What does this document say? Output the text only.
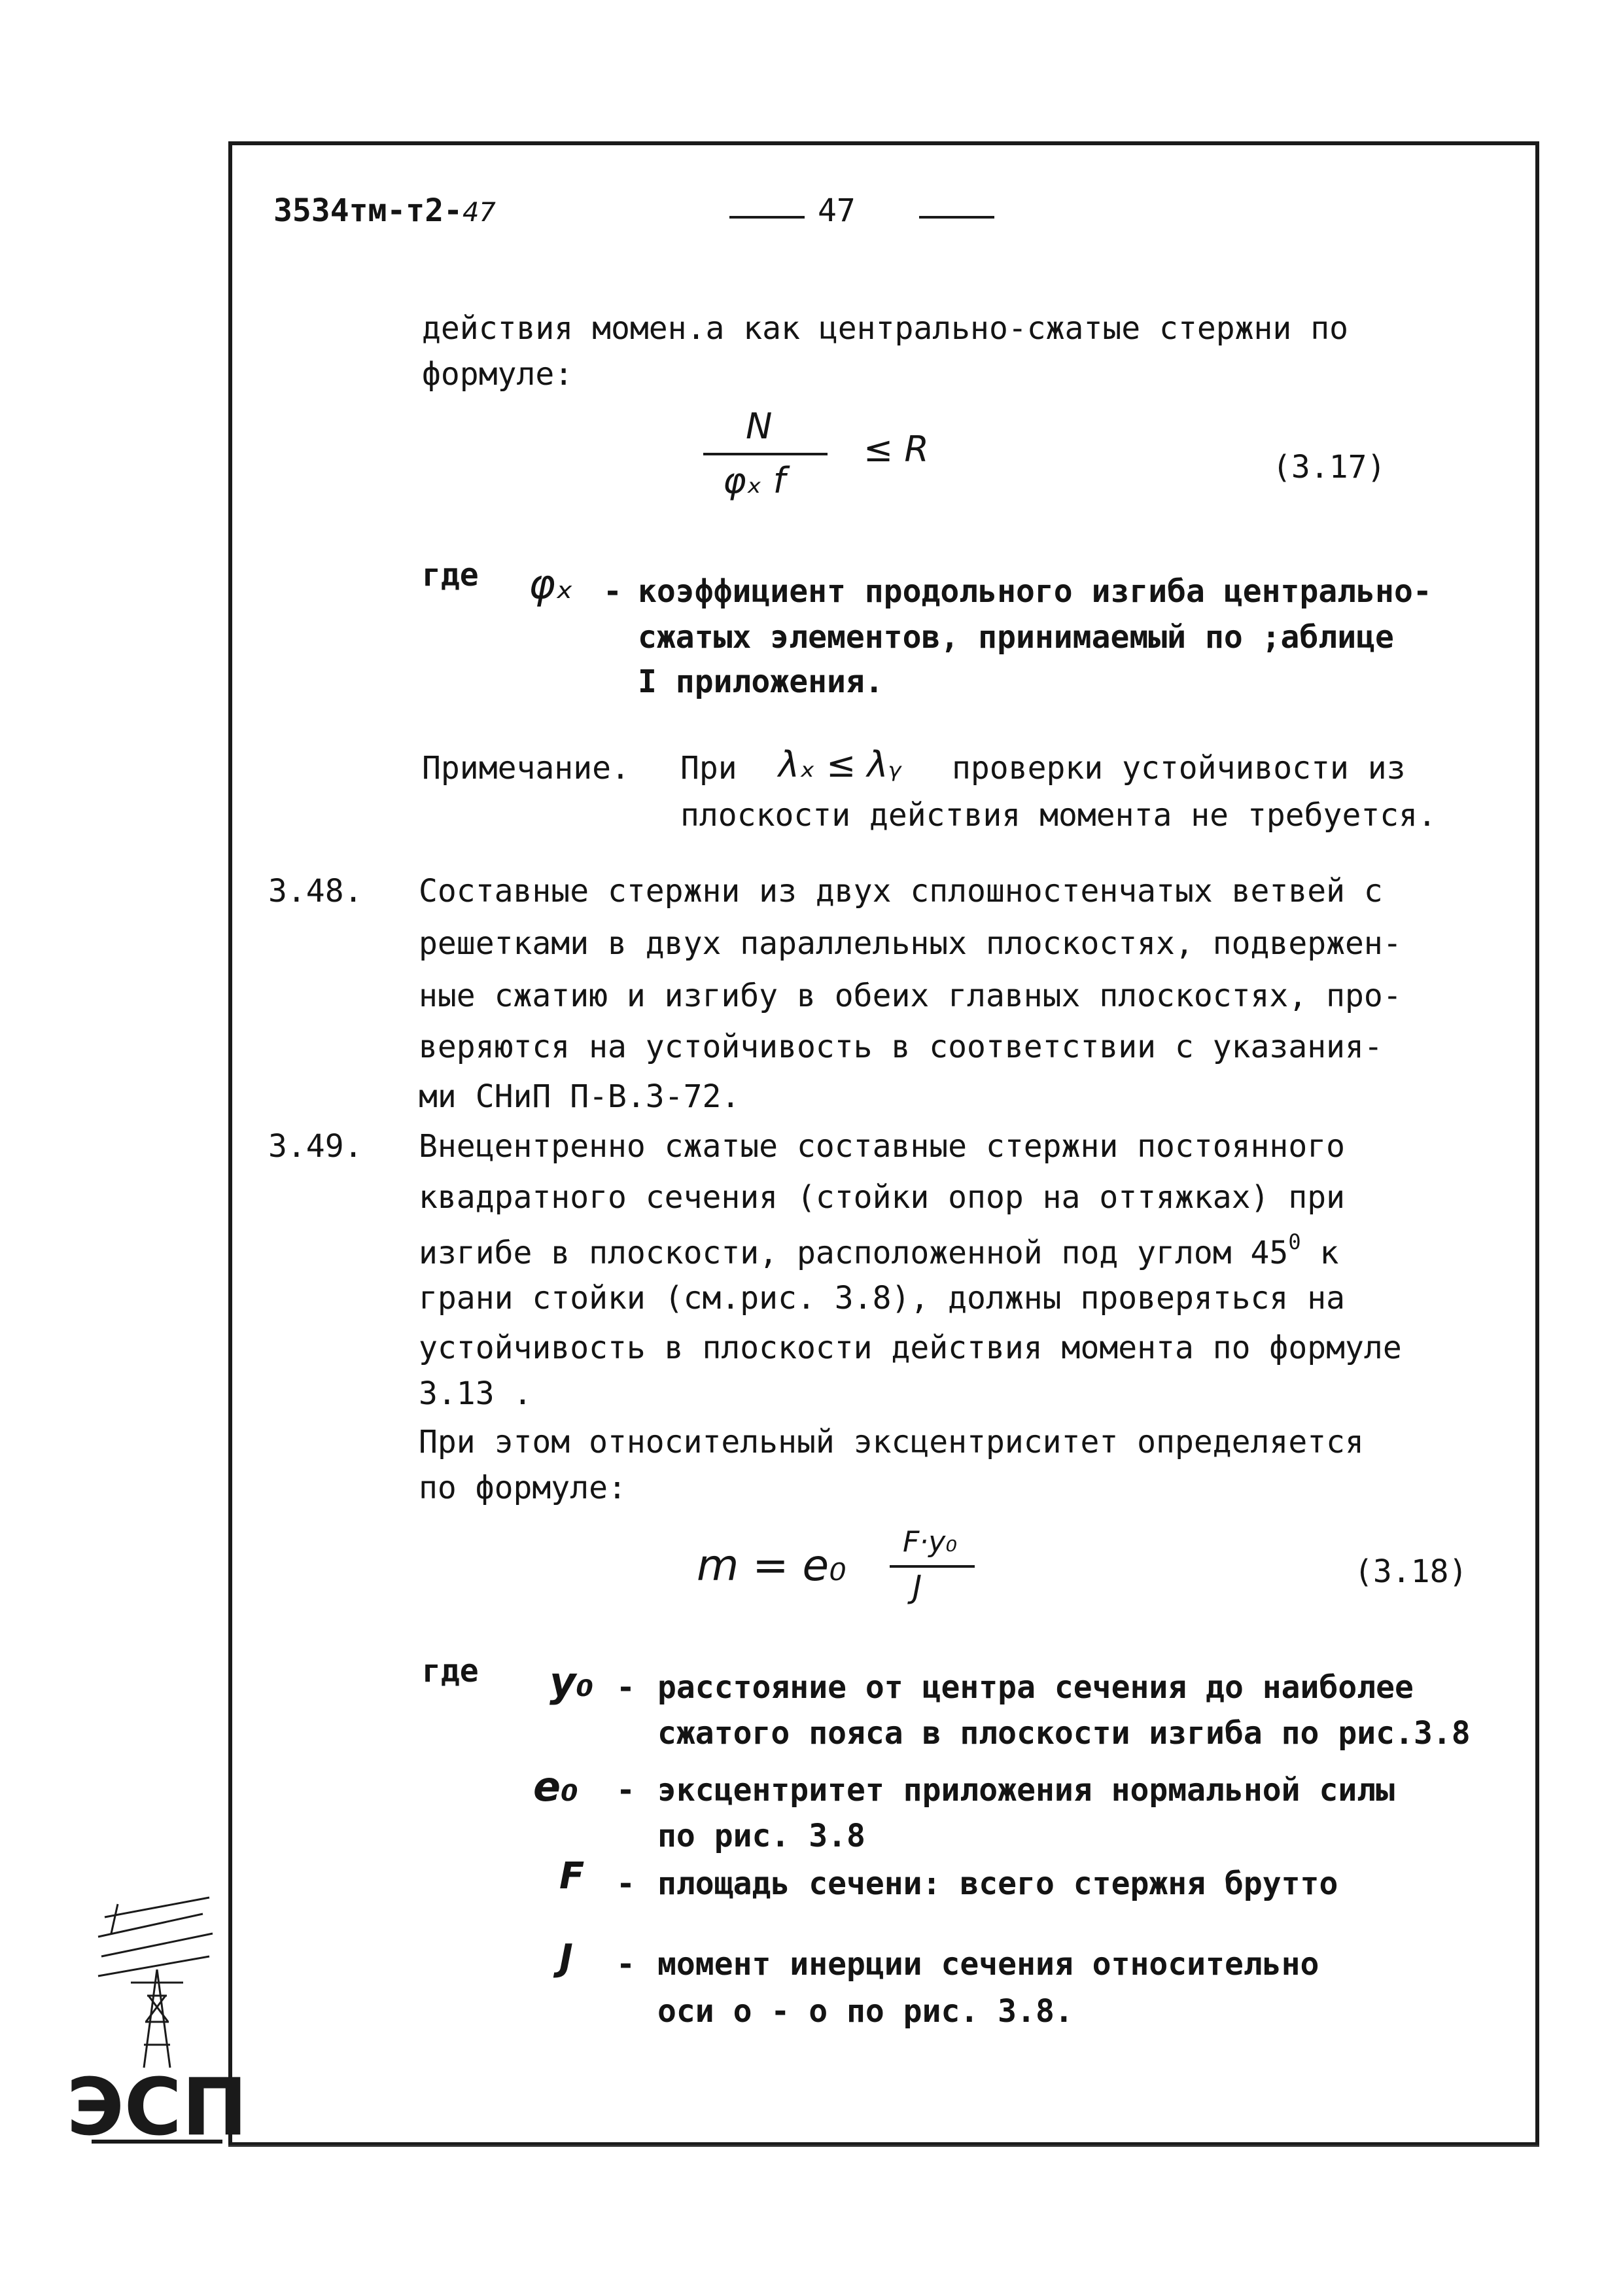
3534тм-т2-47	47
действия момен.а как центрально-сжатые стержни по
формуле:
N
φₓ f
≤ R	(3.17)
где φₓ - коэффициент продольного изгиба центрально-
сжатых элементов, принимаемый по ;аблице
I приложения.
Примечание. При λₓ ≤ λᵧ проверки устойчивости из
плоскости действия момента не требуется.
3.48. Составные стержни из двух сплошностенчатых ветвей с
решетками в двух параллельных плоскостях, подвержен-
ные сжатию и изгибу в обеих главных плоскостях, про-
веряются на устойчивость в соответствии с указания-
ми СНиП П-В.3-72.
3.49. Внецентренно сжатые составные стержни постоянного
квадратного сечения (стойки опор на оттяжках) при
изгибе в плоскости, расположенной под углом $45^0$ к
грани стойки (см.рис. 3.8), должны проверяться на
устойчивость в плоскости действия момента по формуле
3.13 .
При этом относительный эксцентриситет определяется
по формуле:
m = e₀ F·y₀
J	(3.18)
где y₀ - расстояние от центра сечения до наиболее
сжатого пояса в плоскости изгиба по рис.3.8
e₀ - эксцентритет приложения нормальной силы
по рис. 3.8
F - площадь сечени: всего стержня брутто
J - момент инерции сечения относительно
оси о - о по рис. 3.8.
ЭСП
